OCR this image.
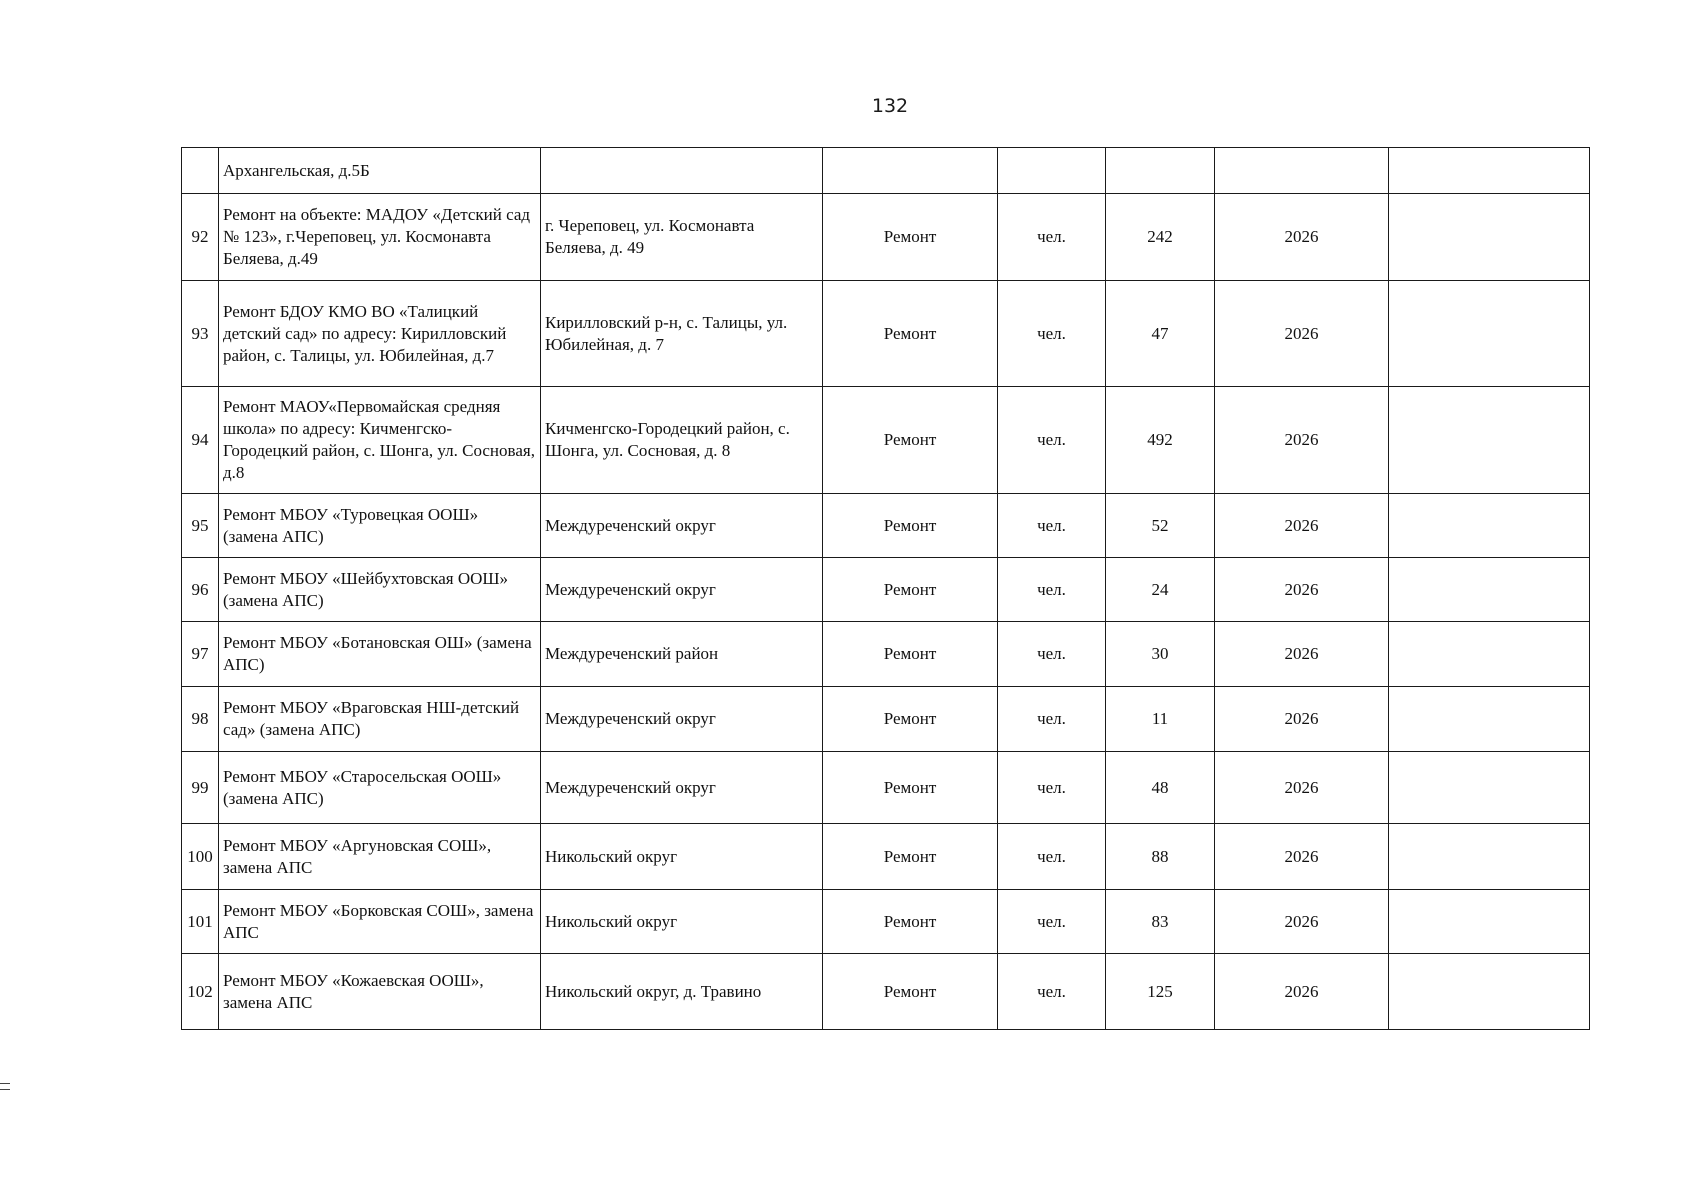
132
	Архангельская, д.5Б						
92	Ремонт на объекте: МАДОУ «Детский сад № 123», г.Череповец, ул. Космонавта Беляева, д.49	г. Череповец, ул. Космонавта Беляева, д. 49	Ремонт	чел.	242	2026	
93	Ремонт БДОУ КМО ВО «Талицкий детский сад» по адресу: Кирилловский район, с. Талицы, ул. Юбилейная, д.7	Кирилловский р-н, с. Талицы, ул. Юбилейная, д. 7	Ремонт	чел.	47	2026	
94	Ремонт МАОУ«Первомайская средняя школа» по адресу: Кичменгско-Городецкий район, с. Шонга, ул. Сосновая, д.8	Кичменгско-Городецкий район, с. Шонга, ул. Сосновая, д. 8	Ремонт	чел.	492	2026	
95	Ремонт МБОУ «Туровецкая ООШ» (замена АПС)	Междуреченский округ	Ремонт	чел.	52	2026	
96	Ремонт МБОУ «Шейбухтовская ООШ» (замена АПС)	Междуреченский округ	Ремонт	чел.	24	2026	
97	Ремонт МБОУ «Ботановская ОШ» (замена АПС)	Междуреченский район	Ремонт	чел.	30	2026	
98	Ремонт МБОУ «Враговская НШ-детский сад» (замена АПС)	Междуреченский округ	Ремонт	чел.	11	2026	
99	Ремонт МБОУ «Старосельская ООШ» (замена АПС)	Междуреченский округ	Ремонт	чел.	48	2026	
100	Ремонт МБОУ «Аргуновская СОШ», замена АПС	Никольский округ	Ремонт	чел.	88	2026	
101	Ремонт МБОУ «Борковская СОШ», замена АПС	Никольский округ	Ремонт	чел.	83	2026	
102	Ремонт МБОУ «Кожаевская ООШ», замена АПС	Никольский округ, д. Травино	Ремонт	чел.	125	2026	
